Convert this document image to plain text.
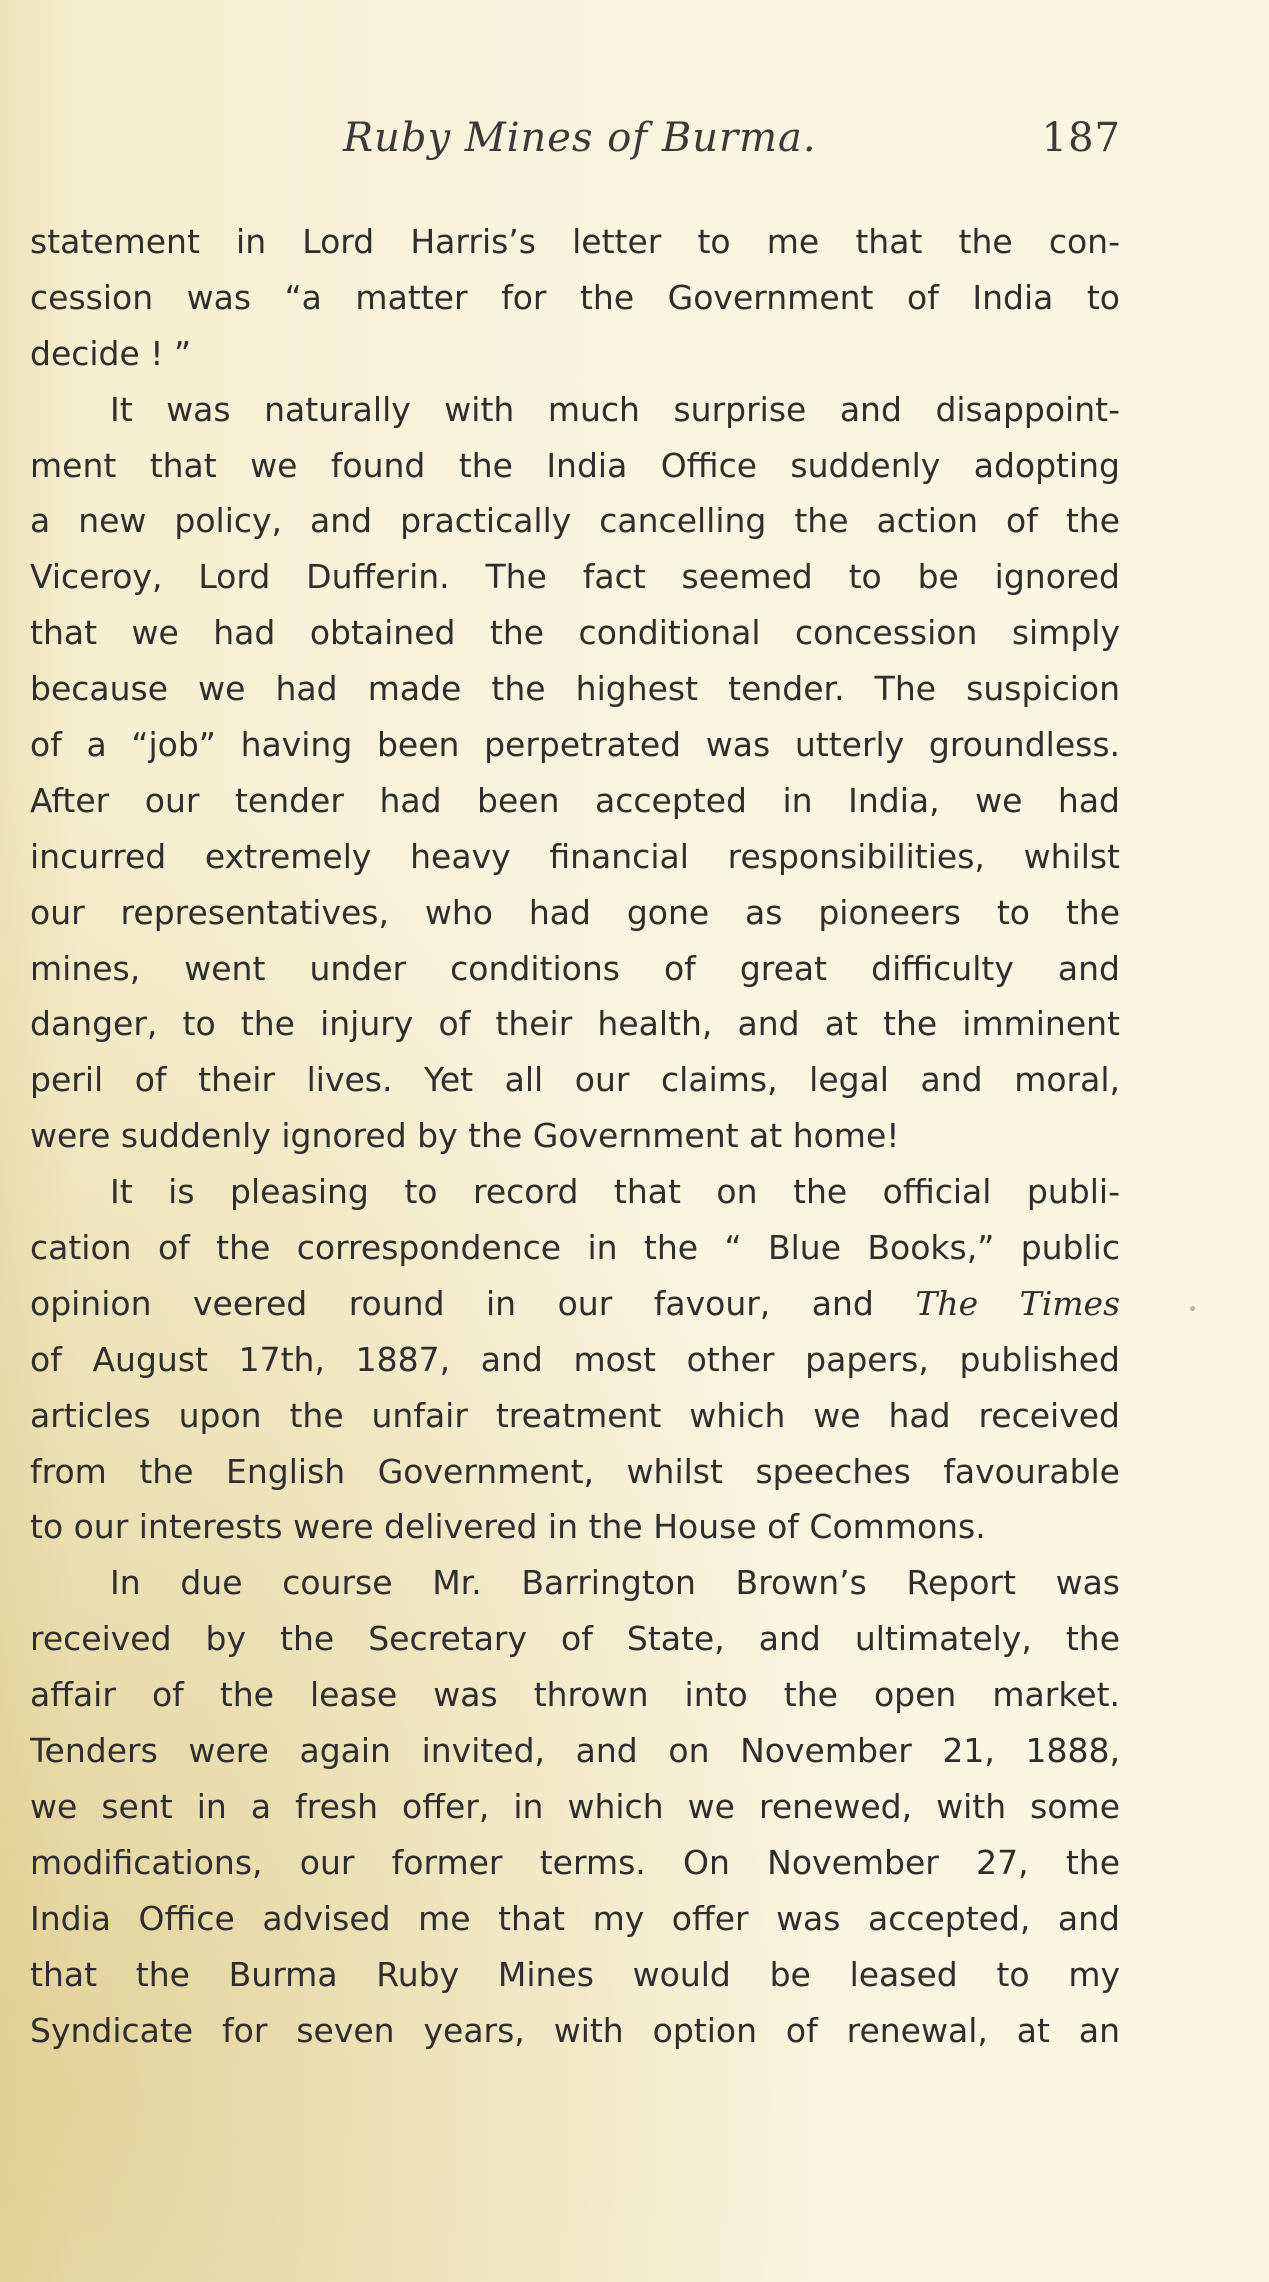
Ruby Mines of Burma.	187
statement in Lord Harris’s letter to me that the con-
cession was “a matter for the Government of India to
decide ! ”
It was naturally with much surprise and disappoint-
ment that we found the India Office suddenly adopting
a new policy, and practically cancelling the action of the
Viceroy, Lord Dufferin. The fact seemed to be ignored
that we had obtained the conditional concession simply
because we had made the highest tender. The suspicion
of a “job” having been perpetrated was utterly groundless.
After our tender had been accepted in India, we had
incurred extremely heavy financial responsibilities, whilst
our representatives, who had gone as pioneers to the
mines, went under conditions of great difficulty and
danger, to the injury of their health, and at the imminent
peril of their lives. Yet all our claims, legal and moral,
were suddenly ignored by the Government at home!
It is pleasing to record that on the official publi-
cation of the correspondence in the “ Blue Books,” public
opinion veered round in our favour, and The Times
of August 17th, 1887, and most other papers, published
articles upon the unfair treatment which we had received
from the English Government, whilst speeches favourable
to our interests were delivered in the House of Commons.
In due course Mr. Barrington Brown’s Report was
received by the Secretary of State, and ultimately, the
affair of the lease was thrown into the open market.
Tenders were again invited, and on November 21, 1888,
we sent in a fresh offer, in which we renewed, with some
modifications, our former terms. On November 27, the
India Office advised me that my offer was accepted, and
that the Burma Ruby Mines would be leased to my
Syndicate for seven years, with option of renewal, at an
